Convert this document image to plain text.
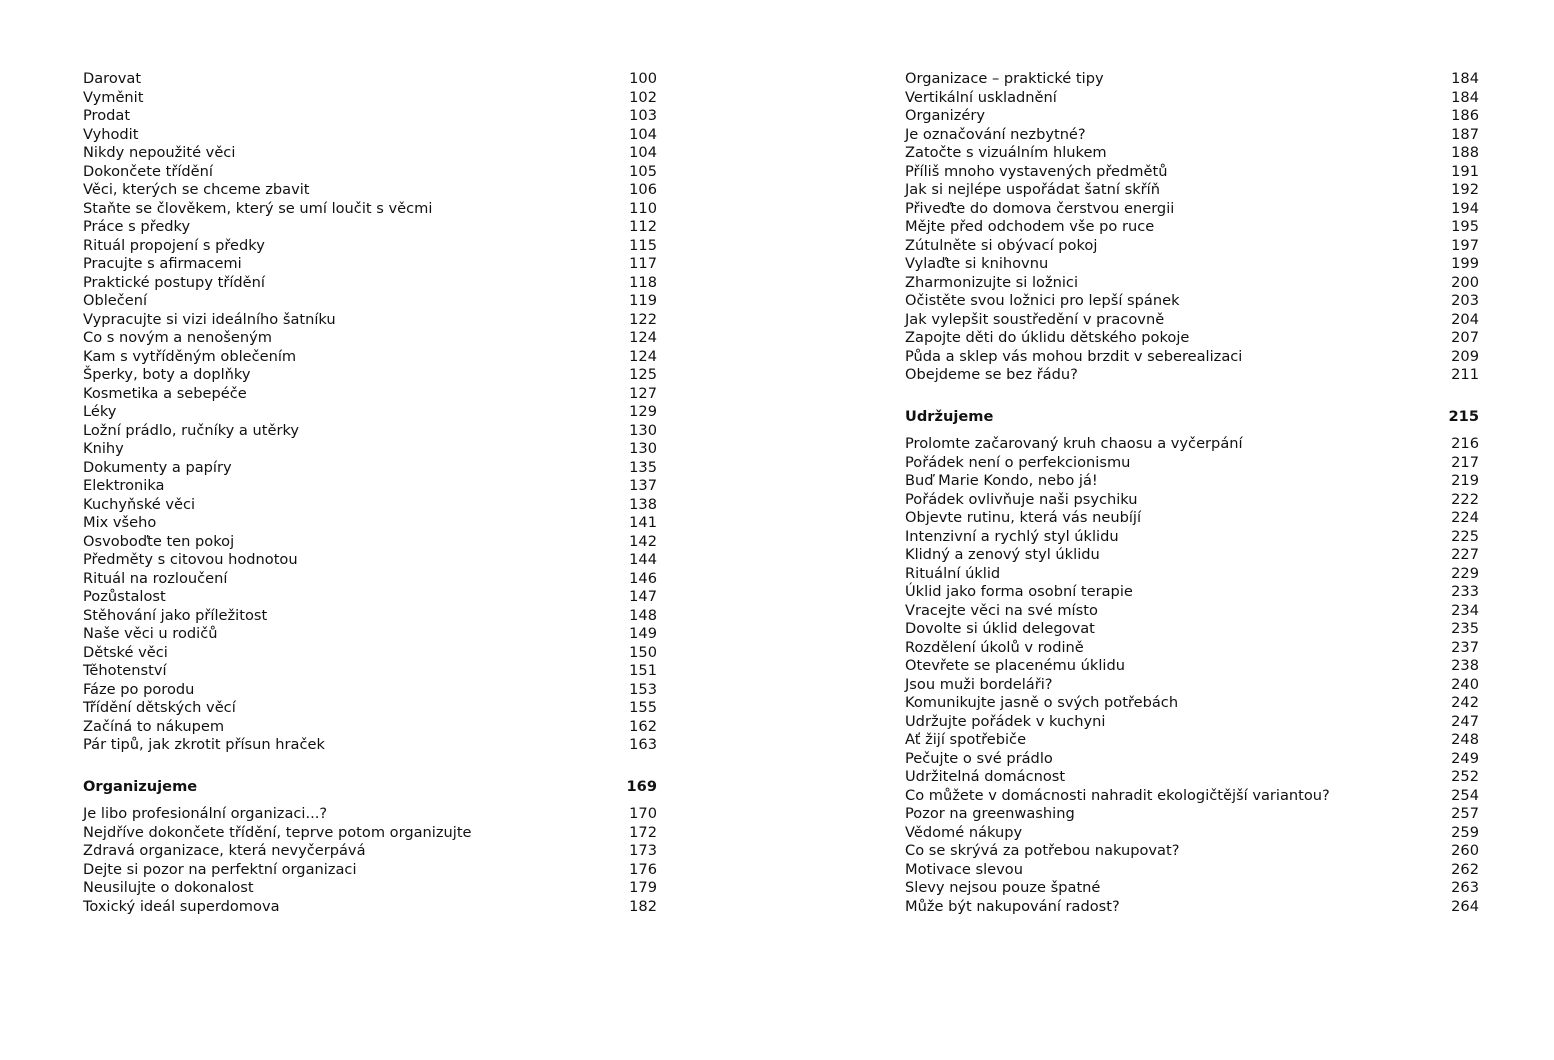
Darovat	100
Vyměnit	102
Prodat	103
Vyhodit	104
Nikdy nepoužité věci	104
Dokončete třídění	105
Věci, kterých se chceme zbavit	106
Staňte se člověkem, který se umí loučit s věcmi	110
Práce s předky	112
Rituál propojení s předky	115
Pracujte s afirmacemi	117
Praktické postupy třídění	118
Oblečení	119
Vypracujte si vizi ideálního šatníku	122
Co s novým a nenošeným	124
Kam s vytříděným oblečením	124
Šperky, boty a doplňky	125
Kosmetika a sebepéče	127
Léky	129
Ložní prádlo, ručníky a utěrky	130
Knihy	130
Dokumenty a papíry	135
Elektronika	137
Kuchyňské věci	138
Mix všeho	141
Osvoboďte ten pokoj	142
Předměty s citovou hodnotou	144
Rituál na rozloučení	146
Pozůstalost	147
Stěhování jako příležitost	148
Naše věci u rodičů	149
Dětské věci	150
Těhotenství	151
Fáze po porodu	153
Třídění dětských věcí	155
Začíná to nákupem	162
Pár tipů, jak zkrotit přísun hraček	163
Organizujeme	169
Je libo profesionální organizaci...?	170
Nejdříve dokončete třídění, teprve potom organizujte	172
Zdravá organizace, která nevyčerpává	173
Dejte si pozor na perfektní organizaci	176
Neusilujte o dokonalost	179
Toxický ideál superdomova	182
Organizace – praktické tipy	184
Vertikální uskladnění	184
Organizéry	186
Je označování nezbytné?	187
Zatočte s vizuálním hlukem	188
Příliš mnoho vystavených předmětů	191
Jak si nejlépe uspořádat šatní skříň	192
Přiveďte do domova čerstvou energii	194
Mějte před odchodem vše po ruce	195
Zútulněte si obývací pokoj	197
Vylaďte si knihovnu	199
Zharmonizujte si ložnici	200
Očistěte svou ložnici pro lepší spánek	203
Jak vylepšit soustředění v pracovně	204
Zapojte děti do úklidu dětského pokoje	207
Půda a sklep vás mohou brzdit v seberealizaci	209
Obejdeme se bez řádu?	211
Udržujeme	215
Prolomte začarovaný kruh chaosu a vyčerpání	216
Pořádek není o perfekcionismu	217
Buď Marie Kondo, nebo já!	219
Pořádek ovlivňuje naši psychiku	222
Objevte rutinu, která vás neubíjí	224
Intenzivní a rychlý styl úklidu	225
Klidný a zenový styl úklidu	227
Rituální úklid	229
Úklid jako forma osobní terapie	233
Vracejte věci na své místo	234
Dovolte si úklid delegovat	235
Rozdělení úkolů v rodině	237
Otevřete se placenému úklidu	238
Jsou muži bordeláři?	240
Komunikujte jasně o svých potřebách	242
Udržujte pořádek v kuchyni	247
Ať žijí spotřebiče	248
Pečujte o své prádlo	249
Udržitelná domácnost	252
Co můžete v domácnosti nahradit ekologičtější variantou?	254
Pozor na greenwashing	257
Vědomé nákupy	259
Co se skrývá za potřebou nakupovat?	260
Motivace slevou	262
Slevy nejsou pouze špatné	263
Může být nakupování radost?	264
